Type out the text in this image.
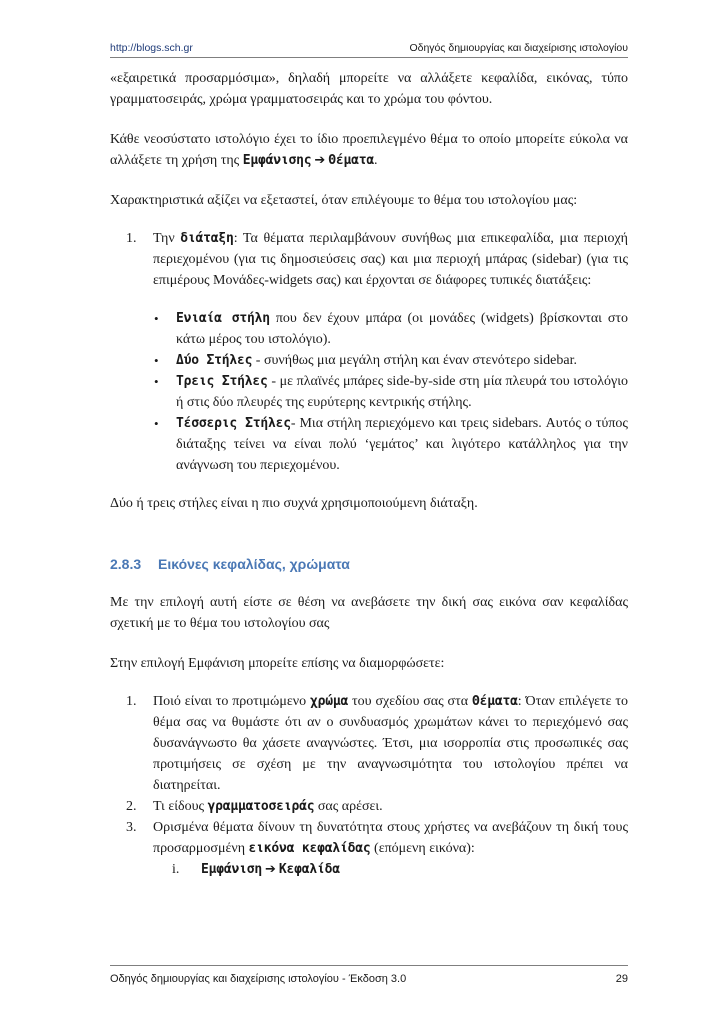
http://blogs.sch.gr	Οδηγός δημιουργίας και διαχείρισης ιστολογίου

«εξαιρετικά προσαρμόσιμα», δηλαδή μπορείτε να αλλάξετε κεφαλίδα, εικόνας, τύπο γραμματοσειράς, χρώμα γραμματοσειράς και το χρώμα του φόντου.

Κάθε νεοσύστατο ιστολόγιο έχει το ίδιο προεπιλεγμένο θέμα το οποίο μπορείτε εύκολα να αλλάξετε τη χρήση της Εμφάνισης ➔ Θέματα.

Χαρακτηριστικά αξίζει να εξεταστεί, όταν επιλέγουμε το θέμα του ιστολογίου μας:

1. Την διάταξη: Τα θέματα περιλαμβάνουν συνήθως μια επικεφαλίδα, μια περιοχή περιεχομένου (για τις δημοσιεύσεις σας) και μια περιοχή μπάρας (sidebar) (για τις επιμέρους Μονάδες-widgets σας) και έρχονται σε διάφορες τυπικές διατάξεις:
• Ενιαία στήλη που δεν έχουν μπάρα (οι μονάδες (widgets) βρίσκονται στο κάτω μέρος του ιστολόγιο).
• Δύο Στήλες - συνήθως μια μεγάλη στήλη και έναν στενότερο sidebar.
• Τρεις Στήλες - με πλαϊνές μπάρες side-by-side στη μία πλευρά του ιστολόγιο ή στις δύο πλευρές της ευρύτερης κεντρικής στήλης.
• Τέσσερις Στήλες- Μια στήλη περιεχόμενο και τρεις sidebars. Αυτός ο τύπος διάταξης τείνει να είναι πολύ ‘γεμάτος’ και λιγότερο κατάλληλος για την ανάγνωση του περιεχομένου.

Δύο ή τρεις στήλες είναι η πιο συχνά χρησιμοποιούμενη διάταξη.

2.8.3 Εικόνες κεφαλίδας, χρώματα

Με την επιλογή αυτή είστε σε θέση να ανεβάσετε την δική σας εικόνα σαν κεφαλίδας σχετική με το θέμα του ιστολογίου σας

Στην επιλογή Εμφάνιση μπορείτε επίσης να διαμορφώσετε:

1. Ποιό είναι το προτιμώμενο χρώμα του σχεδίου σας στα Θέματα: Όταν επιλέγετε το θέμα σας να θυμάστε ότι αν ο συνδυασμός χρωμάτων κάνει το περιεχόμενό σας δυσανάγνωστο θα χάσετε αναγνώστες. Έτσι, μια ισορροπία στις προσωπικές σας προτιμήσεις σε σχέση με την αναγνωσιμότητα του ιστολογίου πρέπει να διατηρείται.
2. Τι είδους γραμματοσειράς σας αρέσει.
3. Ορισμένα θέματα δίνουν τη δυνατότητα στους χρήστες να ανεβάζουν τη δική τους προσαρμοσμένη εικόνα κεφαλίδας (επόμενη εικόνα):
i. Εμφάνιση ➔ Κεφαλίδα
Οδηγός δημιουργίας και διαχείρισης ιστολογίου - Έκδοση 3.0	29
